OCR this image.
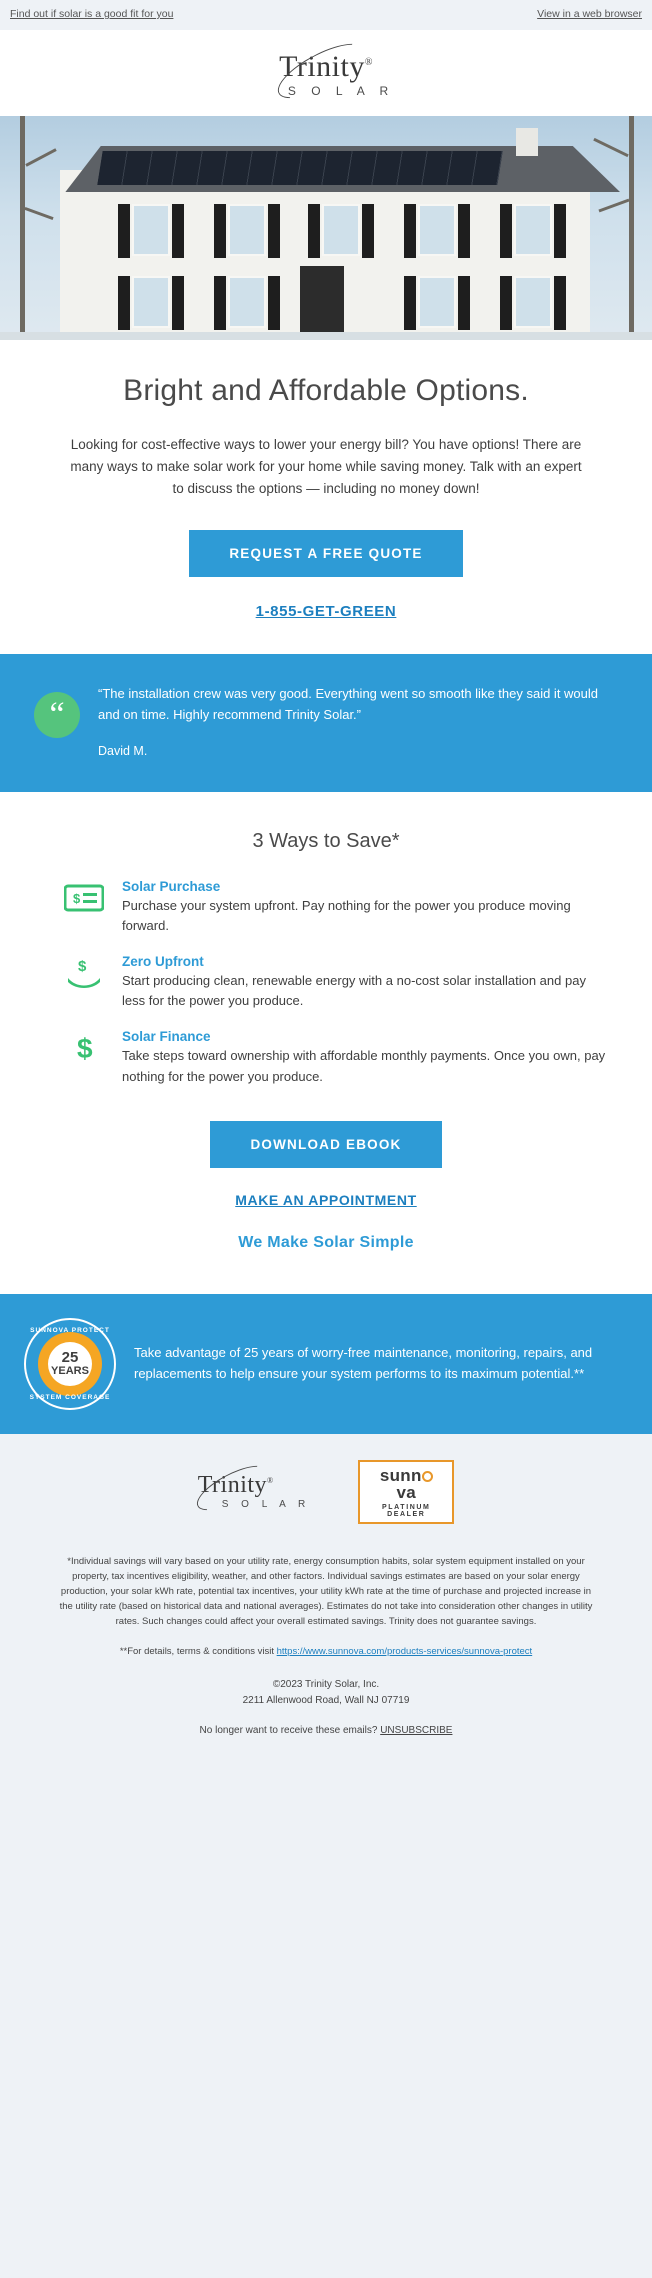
Find out if solar is a good fit for you	View in a web browser
Trinity®
S O L A R
Bright and Affordable Options.

Looking for cost-effective ways to lower your energy bill? You have options! There are many ways to make solar work for your home while saving money. Talk with an expert to discuss the options — including no money down!

REQUEST A FREE QUOTE
1-855-GET-GREEN
“
“The installation crew was very good. Everything went so smooth like they said it would and on time. Highly recommend Trinity Solar.”
David M.
3 Ways to Save*
$

Solar Purchase

Purchase your system upfront. Pay nothing for the power you produce moving forward.

$	Zero Upfront

Start producing clean, renewable energy with a no-cost solar installation and pay less for the power you produce.

$ Solar Finance

Take steps toward ownership with affordable monthly payments. Once you own, pay nothing for the power you produce.

DOWNLOAD EBOOK
MAKE AN APPOINTMENT
We Make Solar Simple
SUNNOVA PROTECT
25
YEARS
SYSTEM COVERAGE
Take advantage of 25 years of worry-free maintenance, monitoring, repairs, and replacements to help ensure your system performs to its maximum potential.**
Trinity®
S O L A R
sunnva
PLATINUM DEALER
*Individual savings will vary based on your utility rate, energy consumption habits, solar system equipment installed on your property, tax incentives eligibility, weather, and other factors. Individual savings estimates are based on your solar energy production, your solar kWh rate, potential tax incentives, your utility kWh rate at the time of purchase and projected increase in the utility rate (based on historical data and national averages). Estimates do not take into consideration other changes in utility rates. Such changes could affect your overall estimated savings. Trinity does not guarantee savings.
**For details, terms & conditions visit https://www.sunnova.com/products-services/sunnova-protect
©2023 Trinity Solar, Inc.
2211 Allenwood Road, Wall NJ 07719
No longer want to receive these emails? UNSUBSCRIBE
